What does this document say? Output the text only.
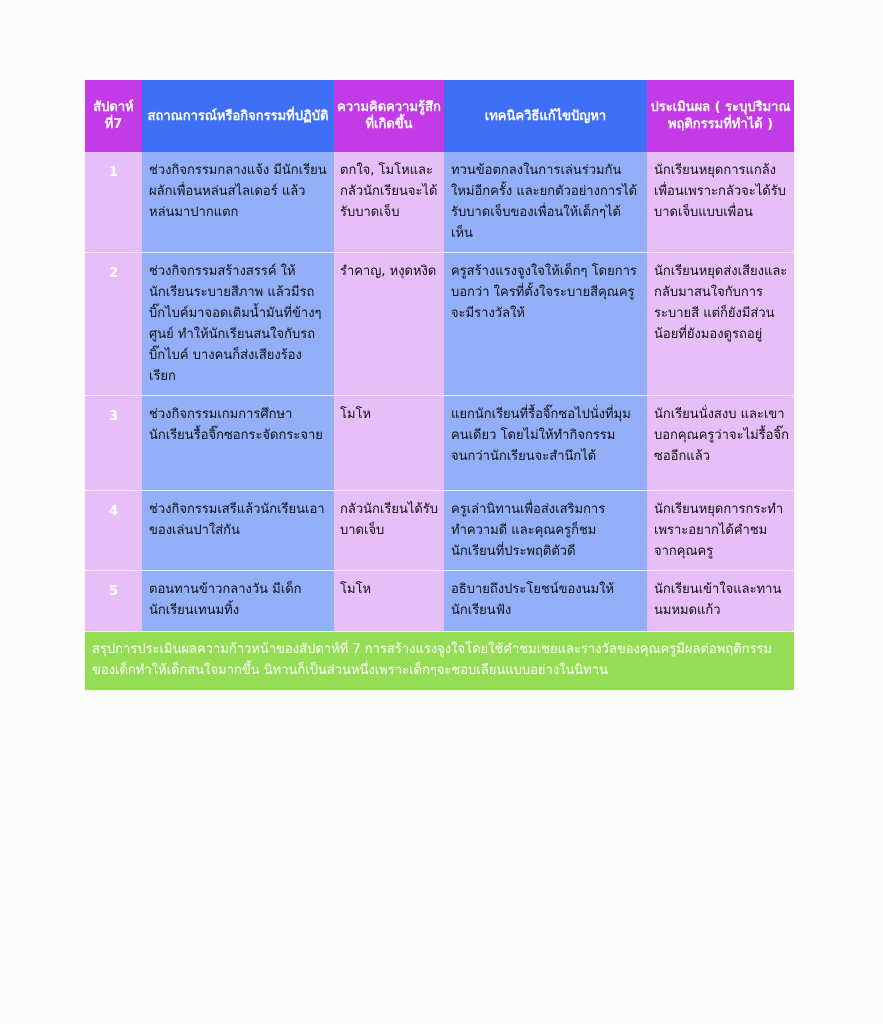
สัปดาห์ที่7	สถาณการณ์หรือกิจกรรมที่ปฏิบัติ	ความคิดความรู้สึกที่เกิดขึ้น	เทคนิควิธีแก้ไขปัญหา	ประเมินผล ( ระบุปริมาณพฤติกรรมที่ทำได้ )
1	ช่วงกิจกรรมกลางแจ้ง มีนักเรียนผลักเพื่อนหล่นสไลเดอร์ แล้วหล่นมาปากแตก	ตกใจ, โมโหและกลัวนักเรียนจะได้รับบาดเจ็บ	ทวนข้อตกลงในการเล่นร่วมกันใหม่อีกครั้ง และยกตัวอย่างการได้รับบาดเจ็บของเพื่อนให้เด็กๆได้เห็น	นักเรียนหยุดการแกล้งเพื่อนเพราะกลัวจะได้รับบาดเจ็บแบบเพื่อน
2	ช่วงกิจกรรมสร้างสรรค์ ให้นักเรียนระบายสีภาพ แล้วมีรถบิ๊กไบค์มาจอดเติมน้ำมันที่ข้างๆศูนย์ ทำให้นักเรียนสนใจกับรถบิ๊กไบค์ บางคนก็ส่งเสียงร้องเรียก	รำคาญ, หงุดหงิด	ครูสร้างแรงจูงใจให้เด็กๆ โดยการบอกว่า ใครที่ตั้งใจระบายสีคุณครูจะมีรางวัลให้	นักเรียนหยุดส่งเสียงและกลับมาสนใจกับการระบายสี แต่ก็ยังมีส่วนน้อยที่ยังมองดูรถอยู่
3	ช่วงกิจกรรมเกมการศึกษา นักเรียนรื้อจิ๊กซอกระจัดกระจาย	โมโห	แยกนักเรียนที่รื้อจิ๊กซอไปนั่งที่มุมคนเดียว โดยไม่ให้ทำกิจกรรม จนกว่านักเรียนจะสำนึกได้	นักเรียนนั่งสงบ และเขาบอกคุณครูว่าจะไม่รื้อจิ๊กซออีกแล้ว
4	ช่วงกิจกรรมเสรีแล้วนักเรียนเอาของเล่นปาใส่กัน	กลัวนักเรียนได้รับบาดเจ็บ	ครูเล่านิทานเพื่อส่งเสริมการทำความดี และคุณครูก็ชมนักเรียนที่ประพฤติตัวดี	นักเรียนหยุดการกระทำเพราะอยากได้คำชมจากคุณครู
5	ตอนทานข้าวกลางวัน มีเด็กนักเรียนเทนมทิ้ง	โมโห	อธิบายถึงประโยชน์ของนมให้นักเรียนฟัง	นักเรียนเข้าใจและทานนมหมดแก้ว
สรุปการประเมินผลความก้าวหน้าของสัปดาห์ที่ 7 การสร้างแรงจูงใจโดยใช้คำชมเชยและรางวัลของคุณครูมีผลต่อพฤติกรรมของเด็กทำให้เด็กสนใจมากขึ้น นิทานก็เป็นส่วนหนึ่งเพราะเด็กๆจะชอบเลียนแบบอย่างในนิทาน
